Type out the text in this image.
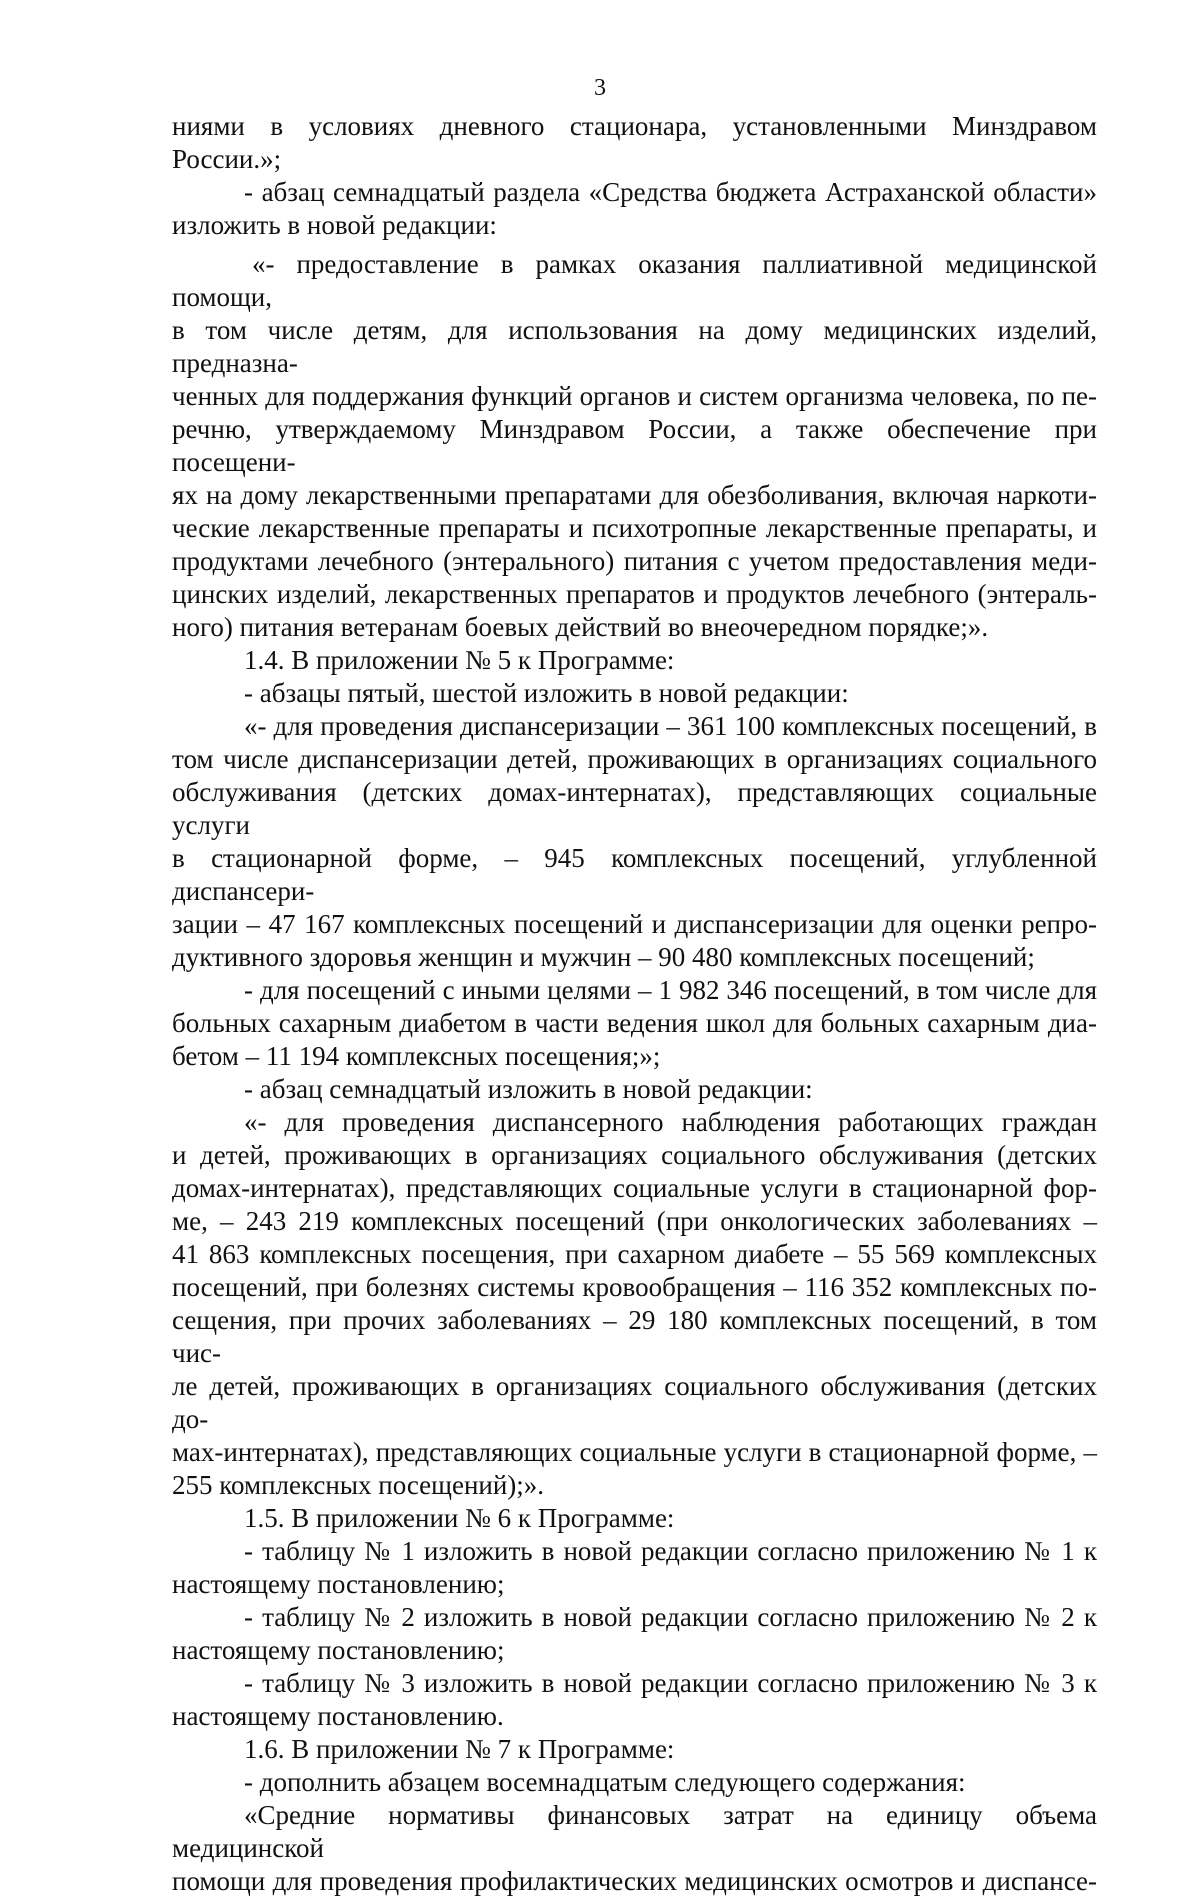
3

ниями в условиях дневного стационара, установленными Минздравом России.»;

- абзац семнадцатый раздела «Средства бюджета Астраханской области»

изложить в новой редакции:

«- предоставление в рамках оказания паллиативной медицинской помощи,

в том числе детям, для использования на дому медицинских изделий, предназна-

ченных для поддержания функций органов и систем организма человека, по пе-

речню, утверждаемому Минздравом России, а также обеспечение при посещени-

ях на дому лекарственными препаратами для обезболивания, включая наркоти-

ческие лекарственные препараты и психотропные лекарственные препараты, и

продуктами лечебного (энтерального) питания с учетом предоставления меди-

цинских изделий, лекарственных препаратов и продуктов лечебного (энтераль-

ного) питания ветеранам боевых действий во внеочередном порядке;».

1.4. В приложении № 5 к Программе:

- абзацы пятый, шестой изложить в новой редакции:

«- для проведения диспансеризации – 361 100 комплексных посещений, в

том числе диспансеризации детей, проживающих в организациях социального

обслуживания (детских домах-интернатах), представляющих социальные услуги

в стационарной форме, – 945 комплексных посещений, углубленной диспансери-

зации – 47 167 комплексных посещений и диспансеризации для оценки репро-

дуктивного здоровья женщин и мужчин – 90 480 комплексных посещений;

- для посещений с иными целями – 1 982 346 посещений, в том числе для

больных сахарным диабетом в части ведения школ для больных сахарным диа-

бетом – 11 194 комплексных посещения;»;

- абзац семнадцатый изложить в новой редакции:

«- для проведения диспансерного наблюдения работающих граждан

и детей, проживающих в организациях социального обслуживания (детских

домах-интернатах), представляющих социальные услуги в стационарной фор-

ме, – 243 219 комплексных посещений (при онкологических заболеваниях –

41 863 комплексных посещения, при сахарном диабете – 55 569 комплексных

посещений, при болезнях системы кровообращения – 116 352 комплексных по-

сещения, при прочих заболеваниях – 29 180 комплексных посещений, в том чис-

ле детей, проживающих в организациях социального обслуживания (детских до-

мах-интернатах), представляющих социальные услуги в стационарной форме, –

255 комплексных посещений);».

1.5. В приложении № 6 к Программе:

- таблицу № 1 изложить в новой редакции согласно приложению № 1 к

настоящему постановлению;

- таблицу № 2 изложить в новой редакции согласно приложению № 2 к

настоящему постановлению;

- таблицу № 3 изложить в новой редакции согласно приложению № 3 к

настоящему постановлению.

1.6. В приложении № 7 к Программе:

- дополнить абзацем восемнадцатым следующего содержания:

«Средние нормативы финансовых затрат на единицу объема медицинской

помощи для проведения профилактических медицинских осмотров и диспансе-
